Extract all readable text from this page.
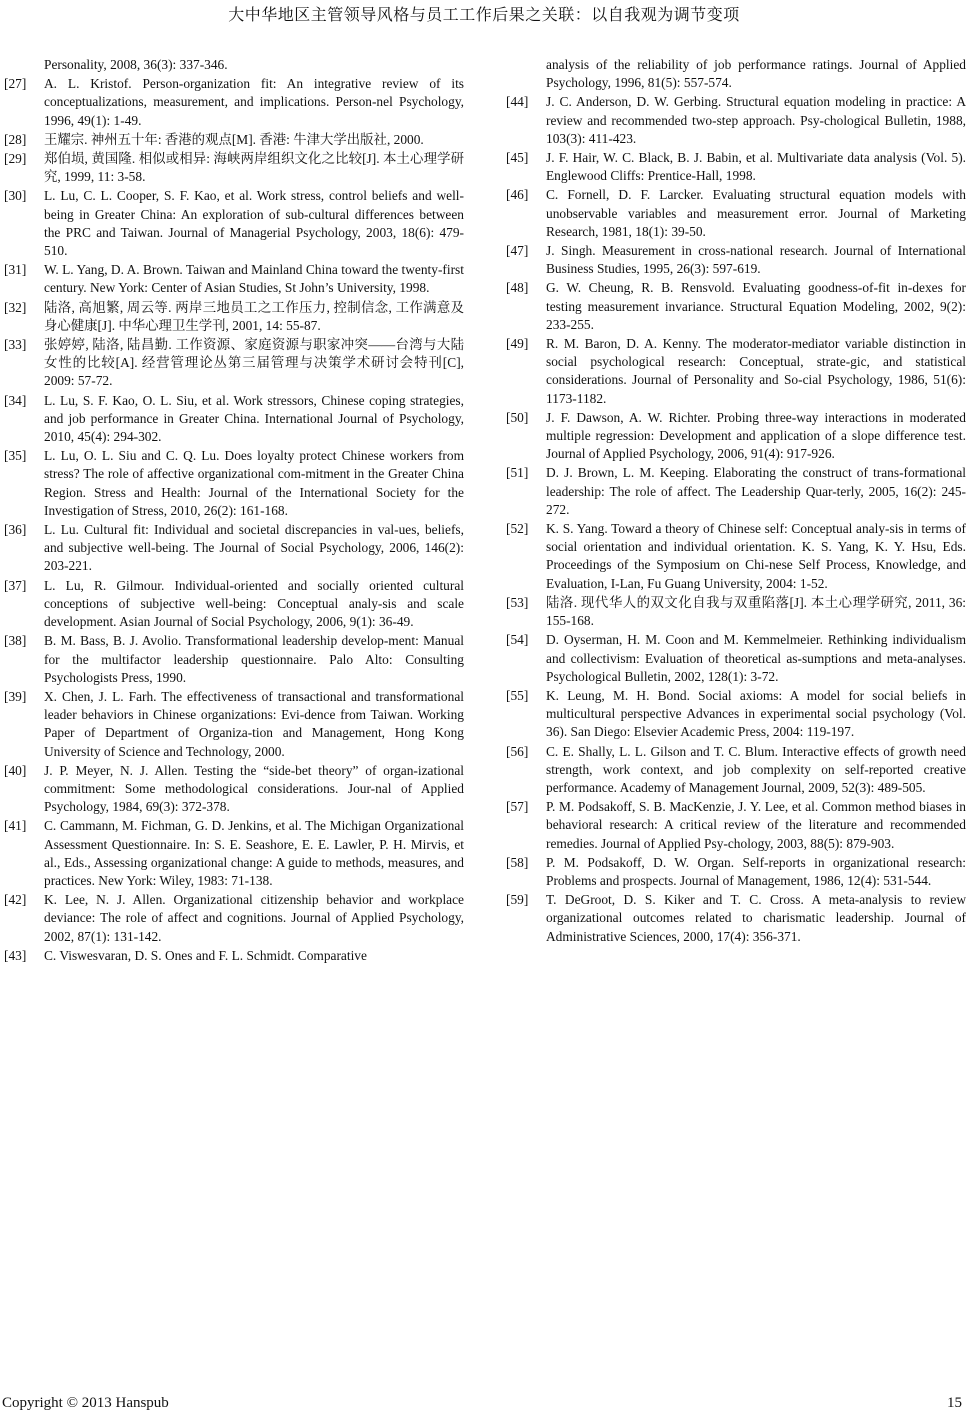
大中华地区主管领导风格与员工工作后果之关联：以自我观为调节变项
Personality, 2008, 36(3): 337-346.
[27] A. L. Kristof. Person-organization fit: An integrative review of its conceptualizations, measurement, and implications. Person-nel Psychology, 1996, 49(1): 1-49.
[28] 王耀宗. 神州五十年: 香港的观点[M]. 香港: 牛津大学出版社, 2000.
[29] 郑伯埙, 黄国隆. 相似或相异: 海峡两岸组织文化之比较[J]. 本土心理学研究, 1999, 11: 3-58.
[30] L. Lu, C. L. Cooper, S. F. Kao, et al. Work stress, control beliefs and well-being in Greater China: An exploration of sub-cultural differences between the PRC and Taiwan. Journal of Managerial Psychology, 2003, 18(6): 479-510.
[31] W. L. Yang, D. A. Brown. Taiwan and Mainland China toward the twenty-first century. New York: Center of Asian Studies, St John’s University, 1998.
[32] 陆洛, 高旭繁, 周云等. 两岸三地员工之工作压力, 控制信念, 工作满意及身心健康[J]. 中华心理卫生学刊, 2001, 14: 55-87.
[33] 张婷婷, 陆洛, 陆昌勤. 工作资源、家庭资源与职家冲突——台湾与大陆女性的比较[A]. 经营管理论丛第三届管理与决策学术研讨会特刊[C], 2009: 57-72.
[34] L. Lu, S. F. Kao, O. L. Siu, et al. Work stressors, Chinese coping strategies, and job performance in Greater China. International Journal of Psychology, 2010, 45(4): 294-302.
[35] L. Lu, O. L. Siu and C. Q. Lu. Does loyalty protect Chinese workers from stress? The role of affective organizational com-mitment in the Greater China Region. Stress and Health: Journal of the International Society for the Investigation of Stress, 2010, 26(2): 161-168.
[36] L. Lu. Cultural fit: Individual and societal discrepancies in val-ues, beliefs, and subjective well-being. The Journal of Social Psychology, 2006, 146(2): 203-221.
[37] L. Lu, R. Gilmour. Individual-oriented and socially oriented cultural conceptions of subjective well-being: Conceptual analy-sis and scale development. Asian Journal of Social Psychology, 2006, 9(1): 36-49.
[38] B. M. Bass, B. J. Avolio. Transformational leadership develop-ment: Manual for the multifactor leadership questionnaire. Palo Alto: Consulting Psychologists Press, 1990.
[39] X. Chen, J. L. Farh. The effectiveness of transactional and transformational leader behaviors in Chinese organizations: Evi-dence from Taiwan. Working Paper of Department of Organiza-tion and Management, Hong Kong University of Science and Technology, 2000.
[40] J. P. Meyer, N. J. Allen. Testing the “side-bet theory” of organ-izational commitment: Some methodological considerations. Jour-nal of Applied Psychology, 1984, 69(3): 372-378.
[41] C. Cammann, M. Fichman, G. D. Jenkins, et al. The Michigan Organizational Assessment Questionnaire. In: S. E. Seashore, E. E. Lawler, P. H. Mirvis, et al., Eds., Assessing organizational change: A guide to methods, measures, and practices. New York: Wiley, 1983: 71-138.
[42] K. Lee, N. J. Allen. Organizational citizenship behavior and workplace deviance: The role of affect and cognitions. Journal of Applied Psychology, 2002, 87(1): 131-142.
[43] C. Viswesvaran, D. S. Ones and F. L. Schmidt. Comparative
analysis of the reliability of job performance ratings. Journal of Applied Psychology, 1996, 81(5): 557-574.
[44] J. C. Anderson, D. W. Gerbing. Structural equation modeling in practice: A review and recommended two-step approach. Psy-chological Bulletin, 1988, 103(3): 411-423.
[45] J. F. Hair, W. C. Black, B. J. Babin, et al. Multivariate data analysis (Vol. 5). Englewood Cliffs: Prentice-Hall, 1998.
[46] C. Fornell, D. F. Larcker. Evaluating structural equation models with unobservable variables and measurement error. Journal of Marketing Research, 1981, 18(1): 39-50.
[47] J. Singh. Measurement in cross-national research. Journal of International Business Studies, 1995, 26(3): 597-619.
[48] G. W. Cheung, R. B. Rensvold. Evaluating goodness-of-fit in-dexes for testing measurement invariance. Structural Equation Modeling, 2002, 9(2): 233-255.
[49] R. M. Baron, D. A. Kenny. The moderator-mediator variable distinction in social psychological research: Conceptual, strate-gic, and statistical considerations. Journal of Personality and So-cial Psychology, 1986, 51(6): 1173-1182.
[50] J. F. Dawson, A. W. Richter. Probing three-way interactions in moderated multiple regression: Development and application of a slope difference test. Journal of Applied Psychology, 2006, 91(4): 917-926.
[51] D. J. Brown, L. M. Keeping. Elaborating the construct of trans-formational leadership: The role of affect. The Leadership Quar-terly, 2005, 16(2): 245-272.
[52] K. S. Yang. Toward a theory of Chinese self: Conceptual analy-sis in terms of social orientation and individual orientation. K. S. Yang, K. Y. Hsu, Eds. Proceedings of the Symposium on Chi-nese Self Process, Knowledge, and Evaluation, I-Lan, Fu Guang University, 2004: 1-52.
[53] 陆洛. 现代华人的双文化自我与双重陷落[J]. 本土心理学研究, 2011, 36: 155-168.
[54] D. Oyserman, H. M. Coon and M. Kemmelmeier. Rethinking individualism and collectivism: Evaluation of theoretical as-sumptions and meta-analyses. Psychological Bulletin, 2002, 128(1): 3-72.
[55] K. Leung, M. H. Bond. Social axioms: A model for social beliefs in multicultural perspective Advances in experimental social psychology (Vol. 36). San Diego: Elsevier Academic Press, 2004: 119-197.
[56] C. E. Shally, L. L. Gilson and T. C. Blum. Interactive effects of growth need strength, work context, and job complexity on self-reported creative performance. Academy of Management Journal, 2009, 52(3): 489-505.
[57] P. M. Podsakoff, S. B. MacKenzie, J. Y. Lee, et al. Common method biases in behavioral research: A critical review of the literature and recommended remedies. Journal of Applied Psy-chology, 2003, 88(5): 879-903.
[58] P. M. Podsakoff, D. W. Organ. Self-reports in organizational research: Problems and prospects. Journal of Management, 1986, 12(4): 531-544.
[59] T. DeGroot, D. S. Kiker and T. C. Cross. A meta-analysis to review organizational outcomes related to charismatic leadership. Journal of Administrative Sciences, 2000, 17(4): 356-371.
Copyright © 2013 Hanspub	15
